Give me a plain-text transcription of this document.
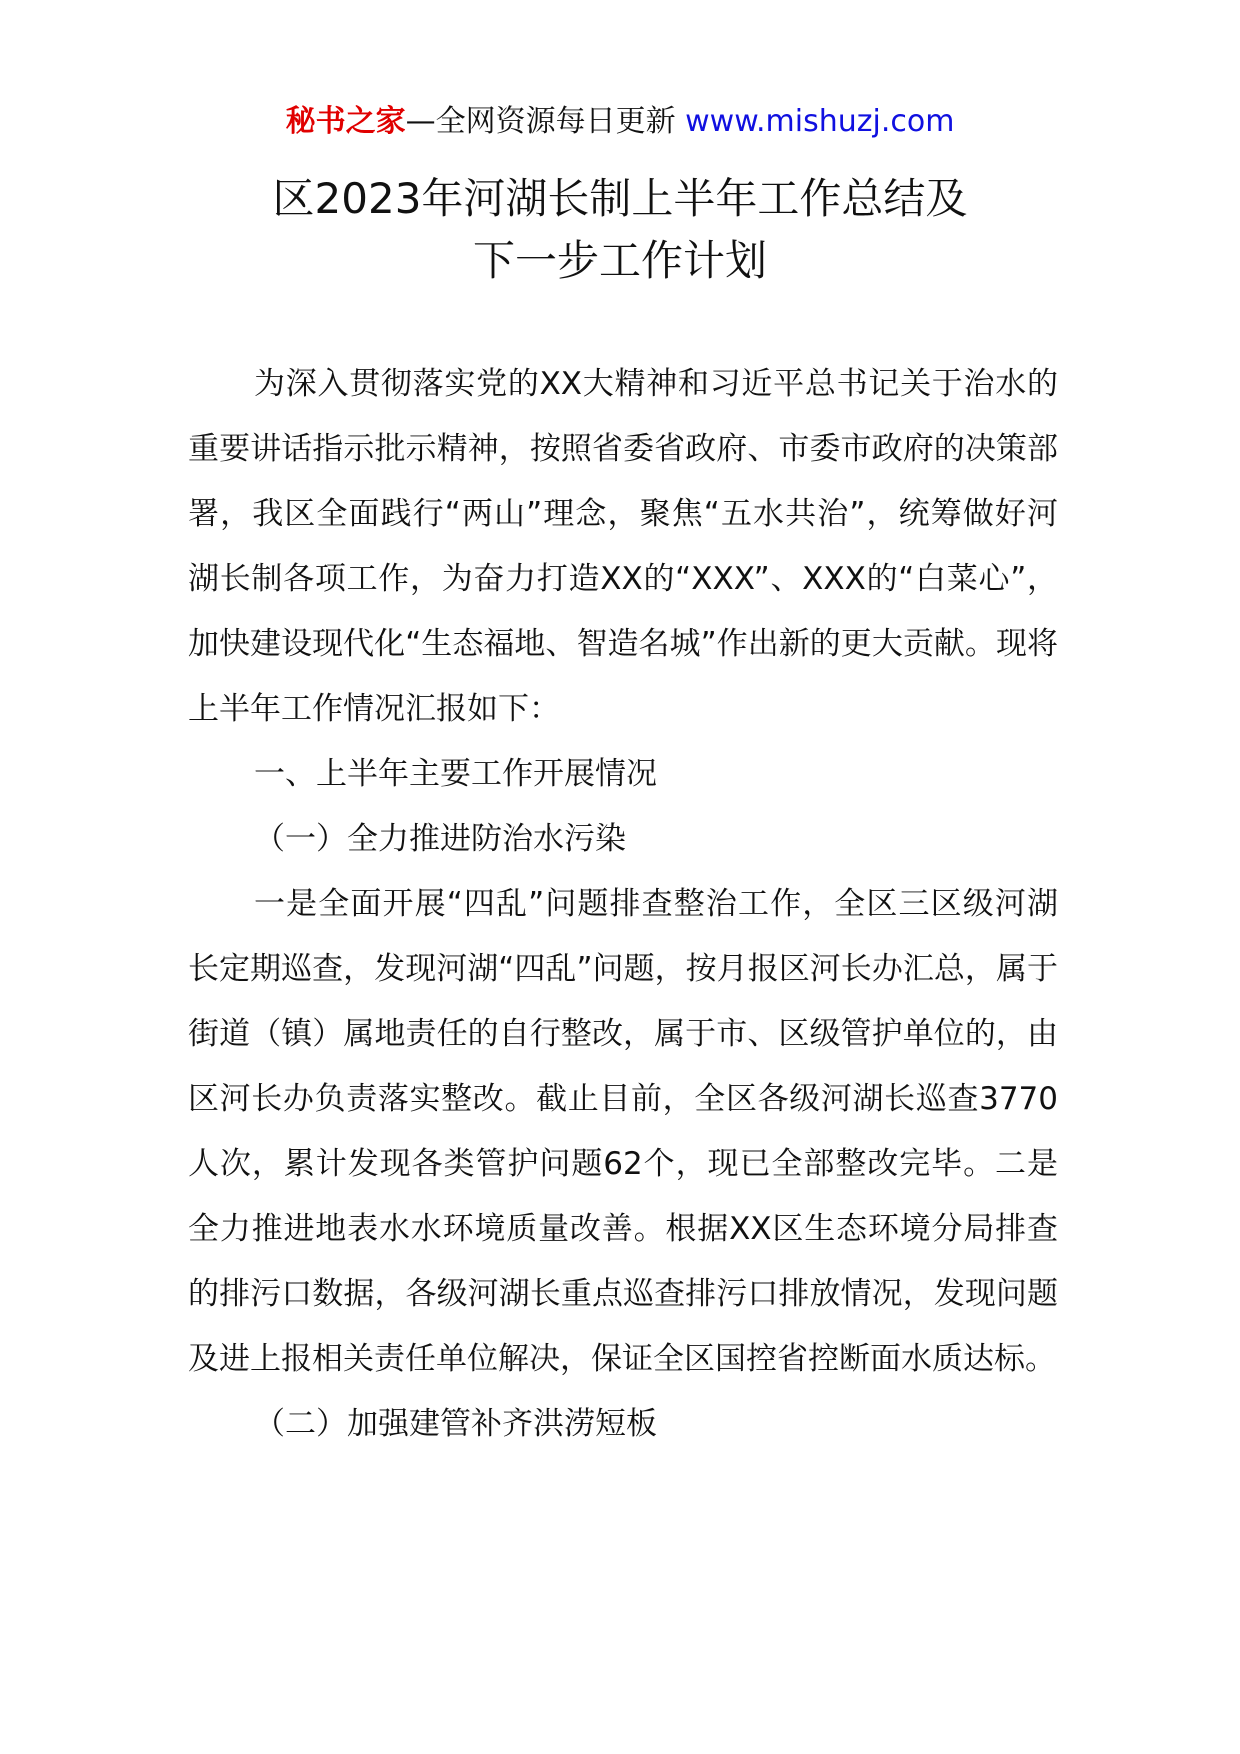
秘书之家—全网资源每日更新 www.mishuzj.com
区2023年河湖长制上半年工作总结及
下一步工作计划

为深入贯彻落实党的XX大精神和习近平总书记关于治水的重要讲话指示批示精神，按照省委省政府、市委市政府的决策部署，我区全面践行“两山”理念，聚焦“五水共治”，统筹做好河湖长制各项工作，为奋力打造XX的“XXX”、XXX的“白菜心”，加快建设现代化“生态福地、智造名城”作出新的更大贡献。现将上半年工作情况汇报如下：

一、上半年主要工作开展情况

（一）全力推进防治水污染

一是全面开展“四乱”问题排查整治工作，全区三区级河湖长定期巡查，发现河湖“四乱”问题，按月报区河长办汇总，属于街道（镇）属地责任的自行整改，属于市、区级管护单位的，由区河长办负责落实整改。截止目前，全区各级河湖长巡查3770人次，累计发现各类管护问题62个，现已全部整改完毕。二是全力推进地表水水环境质量改善。根据XX区生态环境分局排查的排污口数据，各级河湖长重点巡查排污口排放情况，发现问题及进上报相关责任单位解决，保证全区国控省控断面水质达标。

（二）加强建管补齐洪涝短板
